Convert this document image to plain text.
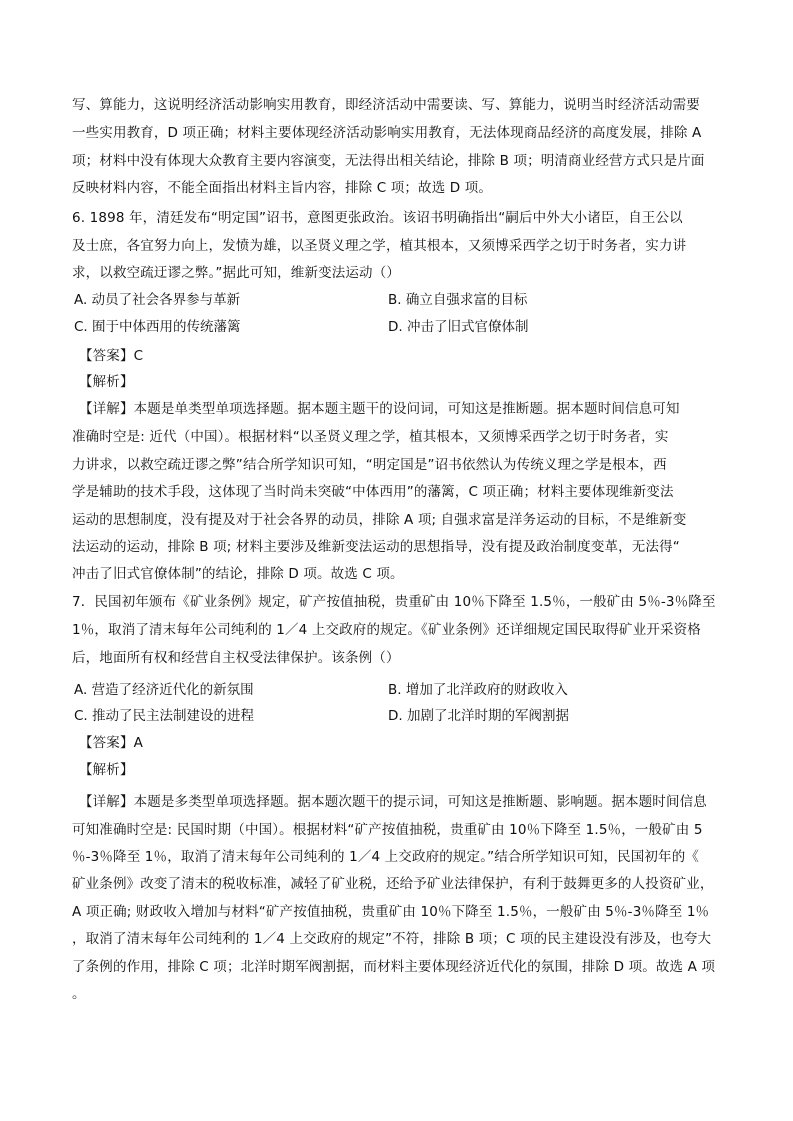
写、算能力，这说明经济活动影响实用教育，即经济活动中需要读、写、算能力，说明当时经济活动需要
一些实用教育，D 项正确；材料主要体现经济活动影响实用教育，无法体现商品经济的高度发展，排除 A
项；材料中没有体现大众教育主要内容演变，无法得出相关结论，排除 B 项；明清商业经营方式只是片面
反映材料内容，不能全面指出材料主旨内容，排除 C 项；故选 D 项。
6. 1898 年，清廷发布“明定国”诏书，意图更张政治。该诏书明确指出“嗣后中外大小诸臣，自王公以
及士庶，各宜努力向上，发愤为雄，以圣贤义理之学，植其根本，又须博采西学之切于时务者，实力讲
求，以救空疏迂谬之弊。”据此可知，维新变法运动（）
A. 动员了社会各界参与革新	B. 确立自强求富的目标
C. 囿于中体西用的传统藩篱	D. 冲击了旧式官僚体制
【答案】C
【解析】
【详解】本题是单类型单项选择题。据本题主题干的设问词，可知这是推断题。据本题时间信息可知
准确时空是: 近代（中国）。根据材料“以圣贤义理之学，植其根本，又须博采西学之切于时务者，实
力讲求，以救空疏迂谬之弊”结合所学知识可知，“明定国是”诏书依然认为传统义理之学是根本，西
学是辅助的技术手段，这体现了当时尚未突破“中体西用”的藩篱，C 项正确；材料主要体现维新变法
运动的思想制度，没有提及对于社会各界的动员，排除 A 项; 自强求富是洋务运动的目标，不是维新变
法运动的运动，排除 B 项; 材料主要涉及维新变法运动的思想指导，没有提及政治制度变革，无法得“
冲击了旧式官僚体制”的结论，排除 D 项。故选 C 项。
7．民国初年颁布《矿业条例》规定，矿产按值抽税，贵重矿由 10％下降至 1.5％，一般矿由 5％-3％降至
1％，取消了清末每年公司纯利的 1／4 上交政府的规定。《矿业条例》还详细规定国民取得矿业开采资格
后，地面所有权和经营自主权受法律保护。该条例（）
A. 营造了经济近代化的新氛围	B. 增加了北洋政府的财政收入
C. 推动了民主法制建设的进程	D. 加剧了北洋时期的军阀割据
【答案】A
【解析】
【详解】本题是多类型单项选择题。据本题次题干的提示词，可知这是推断题、影响题。据本题时间信息
可知准确时空是: 民国时期（中国）。根据材料“矿产按值抽税，贵重矿由 10％下降至 1.5％，一般矿由 5
％-3％降至 1％，取消了清末每年公司纯利的 1／4 上交政府的规定。”结合所学知识可知，民国初年的《
矿业条例》改变了清末的税收标准，减轻了矿业税，还给予矿业法律保护，有利于鼓舞更多的人投资矿业，
A 项正确; 财政收入增加与材料“矿产按值抽税，贵重矿由 10％下降至 1.5％，一般矿由 5％-3％降至 1％
，取消了清末每年公司纯利的 1／4 上交政府的规定”不符，排除 B 项；C 项的民主建设没有涉及，也夸大
了条例的作用，排除 C 项；北洋时期军阀割据，而材料主要体现经济近代化的氛围，排除 D 项。故选 A 项
。
